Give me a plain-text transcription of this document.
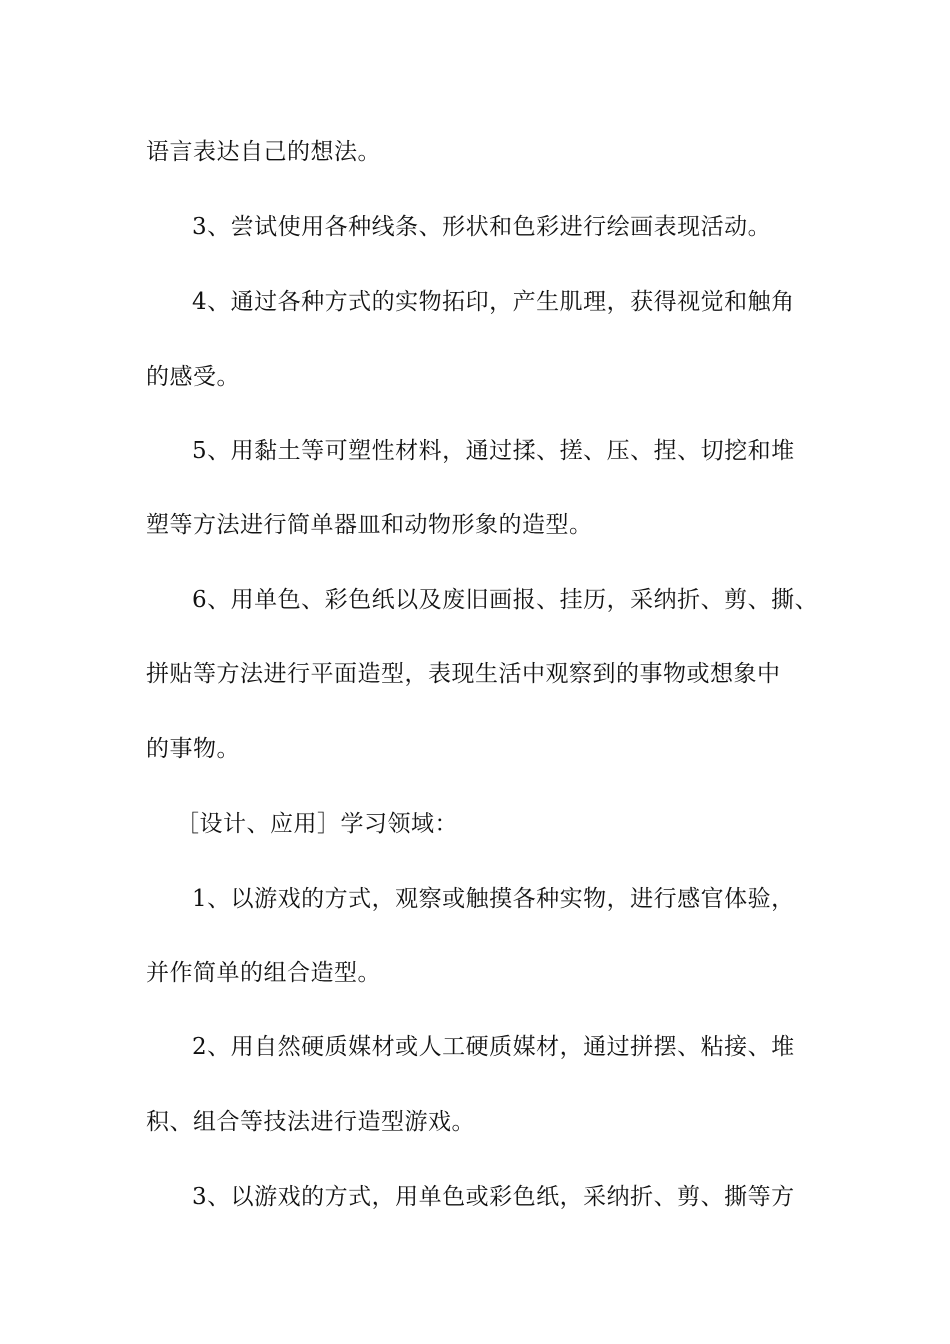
语言表达自己的想法。
3、尝试使用各种线条、形状和色彩进行绘画表现活动。
4、通过各种方式的实物拓印，产生肌理，获得视觉和触角
的感受。
5、用黏土等可塑性材料，通过揉、搓、压、捏、切挖和堆
塑等方法进行简单器皿和动物形象的造型。
6、用单色、彩色纸以及废旧画报、挂历，采纳折、剪、撕、
拼贴等方法进行平面造型，表现生活中观察到的事物或想象中
的事物。
［设计、应用］学习领域：
1、以游戏的方式，观察或触摸各种实物，进行感官体验，
并作简单的组合造型。
2、用自然硬质媒材或人工硬质媒材，通过拼摆、粘接、堆
积、组合等技法进行造型游戏。
3、以游戏的方式，用单色或彩色纸，采纳折、剪、撕等方
